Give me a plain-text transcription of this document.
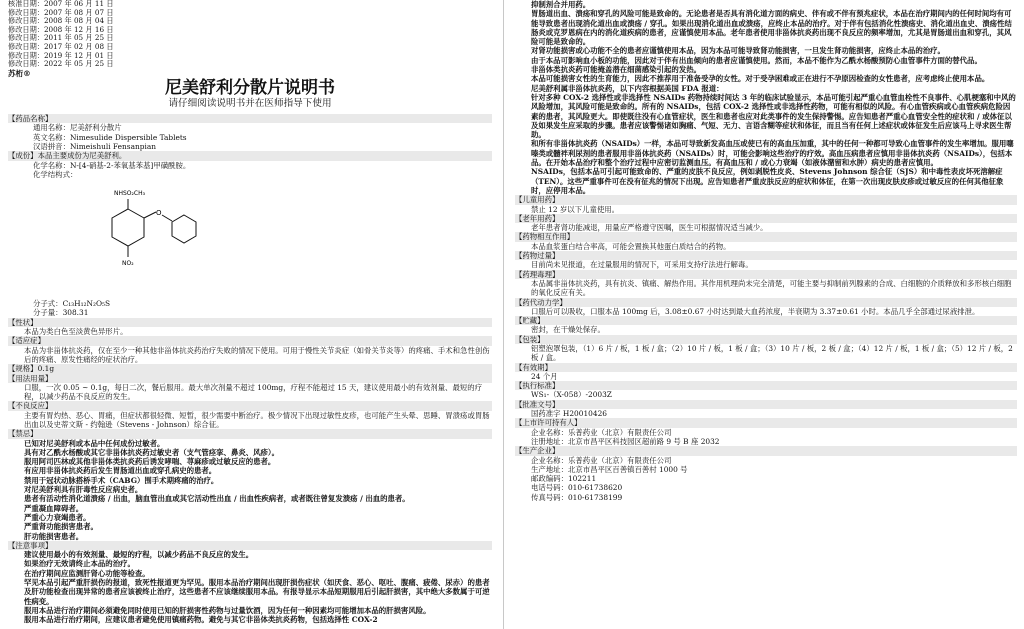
核准日期：2007 年 06 月 11 日

修改日期：2007 年 08 月 07 日

修改日期：2008 年 08 月 04 日

修改日期：2008 年 12 月 16 日

修改日期：2011 年 05 月 25 日

修改日期：2017 年 02 月 08 日

修改日期：2019 年 12 月 01 日

修改日期：2022 年 05 月 25 日

苏桁®
尼美舒利分散片说明书
请仔细阅读说明书并在医师指导下使用
【药品名称】

通用名称：尼美舒利分散片

英文名称：Nimesulide Dispersible Tablets

汉语拼音：Nimeishuli Fensanpian

【成份】本品主要成份为尼美舒利。
化学名称：N-[4-硝基-2-苯氧基苯基]甲磺酰胺。
化学结构式：
O
NHSO₂CH₃
NO₂
分子式：C₁₃H₁₂N₂O₅S
分子量：308.31
【性状】
本品为类白色至淡黄色异形片。
【适应症】
本品为非甾体抗炎药，仅在至少一种其他非甾体抗炎药治疗失败的情况下使用。可用于慢性关节炎症（如骨关节炎等）的疼痛、手术和急性创伤后的疼痛、原发性痛经的症状治疗。
【规格】0.1g
【用法用量】
口服，一次 0.05 ~ 0.1g，每日二次，餐后服用。最大单次剂量不超过 100mg，疗程不能超过 15 天，建议使用最小的有效剂量、最短的疗程，以减少药品不良反应的发生。
【不良反应】
主要有胃灼热、恶心、胃痛，但症状都很轻微、短暂，很少需要中断治疗。极少情况下出现过敏性皮疹，也可能产生头晕、思睡、胃溃疡或胃肠出血以及史蒂文斯 - 约翰逊（Stevens - Johnson）综合征。
【禁忌】

已知对尼美舒利或本品中任何成份过敏者。

具有对乙酰水杨酸或其它非甾体抗炎药过敏史者（支气管痉挛、鼻炎、风疹）。

服用阿司匹林或其他非甾体类抗炎药后诱发哮喘、荨麻疹或过敏反应的患者。

有应用非甾体抗炎药后发生胃肠道出血或穿孔病史的患者。

禁用于冠状动脉搭桥手术（CABG）围手术期疼痛的治疗。

对尼美舒利具有肝毒性反应病史者。

患者有活动性消化道溃疡 / 出血，脑血管出血或其它活动性出血 / 出血性疾病者，或者既往曾复发溃疡 / 出血的患者。

严重凝血障碍者。

严重心力衰竭患者。

严重肾功能损害患者。

肝功能损害患者。

【注意事项】

建议使用最小的有效剂量、最短的疗程，以减少药品不良反应的发生。

如果治疗无效请终止本品的治疗。

在治疗期间应监测肝肾心功能等检查。

罕见本品引起严重肝损伤的报道，致死性报道更为罕见。服用本品治疗期间出现肝损伤症状（如厌食、恶心、呕吐、腹痛、疲倦、尿赤）的患者及肝功能检查出现异常的患者应该被终止治疗，这些患者不应该继续服用本品。有报导显示本品短期服用后引起肝损害，其中绝大多数属于可逆性病变。

服用本品进行治疗期间必须避免同时使用已知的肝损害性药物与过量饮酒，因为任何一种因素均可能增加本品的肝损害风险。

服用本品进行治疗期间，应建议患者避免使用镇痛药物。避免与其它非甾体类抗炎药物，包括选择性 COX-2

抑制剂合并用药。

胃肠道出血、溃疡和穿孔的风险可能是致命的。无论患者是否具有消化道方面的病史、伴有或不伴有预兆症状，本品在治疗期间内的任何时间均有可能导致患者出现消化道出血或溃疡 / 穿孔。如果出现消化道出血或溃疡，应终止本品的治疗。对于伴有包括消化性溃疡史、消化道出血史、溃疡性结肠炎或克罗恩病在内的消化道疾病的患者，应谨慎使用本品。老年患者使用非甾体抗炎药出现不良反应的频率增加，尤其是胃肠道出血和穿孔，其风险可能是致命的。

对肾功能损害或心功能不全的患者应谨慎使用本品，因为本品可能导致肾功能损害，一旦发生肾功能损害，应终止本品的治疗。

由于本品可影响血小板的功能，因此对于伴有出血倾向的患者应谨慎使用。然而，本品不能作为乙酰水杨酸预防心血管事件方面的替代品。

非甾体类抗炎药可能掩盖潜在细菌感染引起的发热。

本品可能损害女性的生育能力，因此不推荐用于准备受孕的女性。对于受孕困难或正在进行不孕原因检查的女性患者，应考虑终止使用本品。

尼美舒利属非甾体抗炎药，以下内容根据美国 FDA 报道：

针对多种 COX-2 选择性或非选择性 NSAIDs 药物持续时间达 3 年的临床试验显示，本品可能引起严重心血管血栓性不良事件、心肌梗塞和中风的风险增加，其风险可能是致命的。所有的 NSAIDs，包括 COX-2 选择性或非选择性药物，可能有相似的风险。有心血管疾病或心血管疾病危险因素的患者，其风险更大。即使既往没有心血管症状，医生和患者也应对此类事件的发生保持警惕。应告知患者严重心血管安全性的症状和 / 或体征以及如果发生应采取的步骤。患者应该警惕诸如胸痛、气短、无力、言语含糊等症状和体征，而且当有任何上述症状或体征发生后应该马上寻求医生帮助。

和所有非甾体抗炎药（NSAIDs）一样，本品可导致新发高血压或使已有的高血压加重，其中的任何一种都可导致心血管事件的发生率增加。服用噻嗪类或髓袢利尿剂的患者服用非甾体抗炎药（NSAIDs）时，可能会影响这些治疗的疗效。高血压病患者应慎用非甾体抗炎药（NSAIDs），包括本品。在开始本品治疗和整个治疗过程中应密切监测血压。有高血压和 / 或心力衰竭（如液体潴留和水肿）病史的患者应慎用。

NSAIDs，包括本品可引起可能致命的、严重的皮肤不良反应，例如剥脱性皮炎、Stevens Johnson 综合征（SJS）和中毒性表皮坏死溶解症（TEN）。这些严重事件可在没有征兆的情况下出现。应告知患者严重皮肤反应的症状和体征，在第一次出现皮肤皮疹或过敏反应的任何其他征象时，应停用本品。

【儿童用药】
禁止 12 岁以下儿童使用。
【老年用药】
老年患者肾功能减退，用量应严格遵守医嘱，医生可根据情况适当减少。
【药物相互作用】
本品血浆蛋白结合率高，可能会置换其他蛋白质结合的药物。
【药物过量】
目前尚未见报道，在过量服用的情况下，可采用支持疗法进行解毒。
【药理毒理】
本品属非甾体抗炎药，具有抗炎、镇痛、解热作用。其作用机理尚未完全清楚，可能主要与抑制前列腺素的合成、白细胞的介质释放和多形核白细胞的氧化反应有关。
【药代动力学】
口服后可以吸收，口服本品 100mg 后，3.08±0.67 小时达到最大血药浓度，半衰期为 3.37±0.61 小时。本品几乎全部通过尿液排泄。
【贮藏】
密封，在干燥处保存。
【包装】
铝塑泡罩包装，（1）6 片 / 板，1 板 / 盒；（2）10 片 / 板，1 板 / 盒；（3）10 片 / 板，2 板 / 盒；（4）12 片 / 板，1 板 / 盒；（5）12 片 / 板，2 板 / 盒。
【有效期】
24 个月
【执行标准】
WS₁-（X-058）-2003Z
【批准文号】
国药准字 H20010426
【上市许可持有人】

企业名称：乐普药业（北京）有限责任公司

注册地址：北京市昌平区科技园区超前路 9 号 B 座 2032

【生产企业】

企业名称：乐普药业（北京）有限责任公司

生产地址：北京市昌平区百善镇百善村 1000 号

邮政编码：102211

电话号码：010-61738620

传真号码：010-61738199
